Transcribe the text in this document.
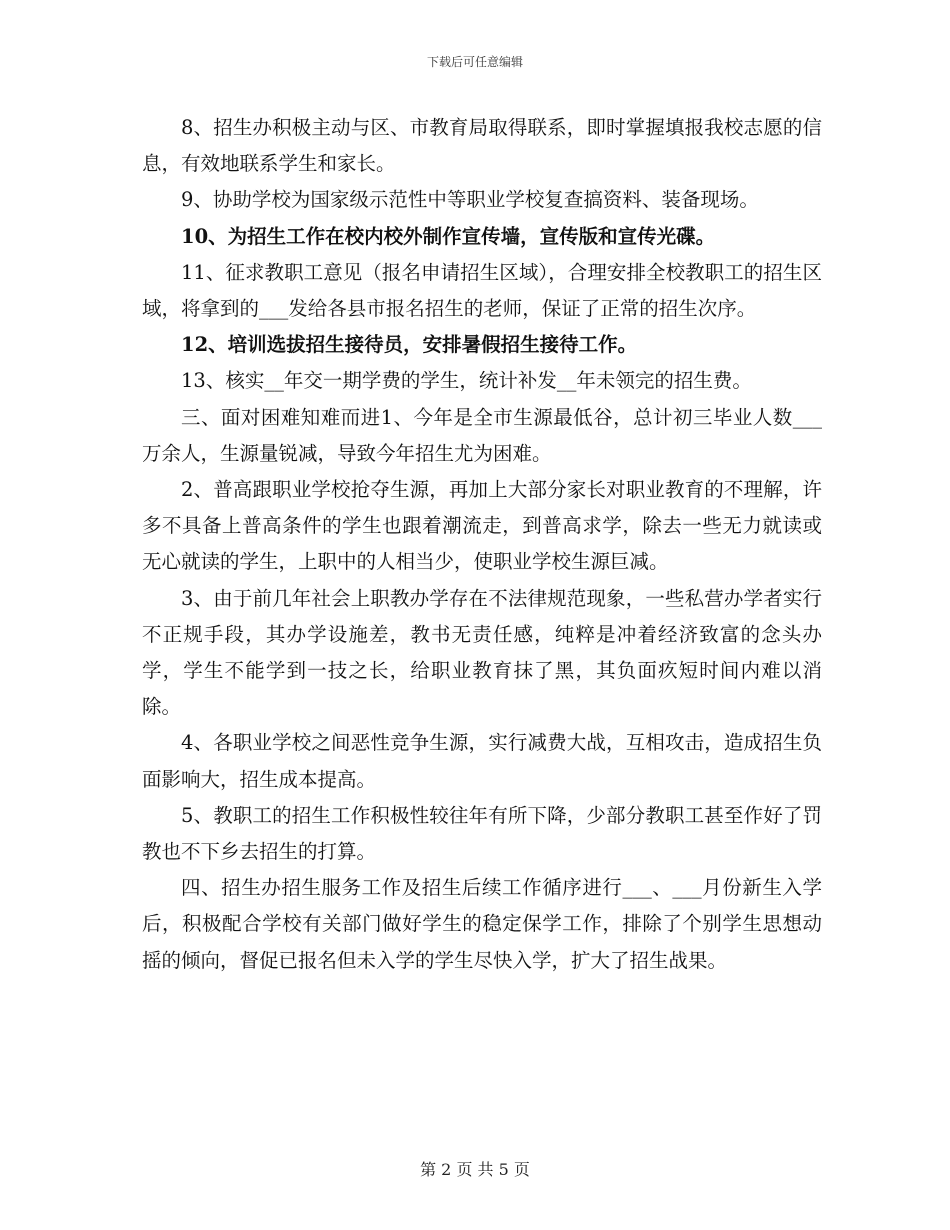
下载后可任意编辑

8、招生办积极主动与区、市教育局取得联系，即时掌握填报我校志愿的信息，有效地联系学生和家长。

9、协助学校为国家级示范性中等职业学校复查搞资料、装备现场。

10、为招生工作在校内校外制作宣传墙，宣传版和宣传光碟。

11、征求教职工意见（报名申请招生区域），合理安排全校教职工的招生区域，将拿到的___发给各县市报名招生的老师，保证了正常的招生次序。

12、培训选拔招生接待员，安排暑假招生接待工作。

13、核实__年交一期学费的学生，统计补发__年未领完的招生费。

三、面对困难知难而进1、今年是全市生源最低谷，总计初三毕业人数___万余人，生源量锐减，导致今年招生尤为困难。

2、普高跟职业学校抢夺生源，再加上大部分家长对职业教育的不理解，许多不具备上普高条件的学生也跟着潮流走，到普高求学，除去一些无力就读或无心就读的学生，上职中的人相当少，使职业学校生源巨减。

3、由于前几年社会上职教办学存在不法律规范现象，一些私营办学者实行不正规手段，其办学设施差，教书无责任感，纯粹是冲着经济致富的念头办学，学生不能学到一技之长，给职业教育抹了黑，其负面疚短时间内难以消除。

4、各职业学校之间恶性竞争生源，实行减费大战，互相攻击，造成招生负面影响大，招生成本提高。

5、教职工的招生工作积极性较往年有所下降，少部分教职工甚至作好了罚教也不下乡去招生的打算。

四、招生办招生服务工作及招生后续工作循序进行___、___月份新生入学后，积极配合学校有关部门做好学生的稳定保学工作，排除了个别学生思想动摇的倾向，督促已报名但未入学的学生尽快入学，扩大了招生战果。

第 2 页 共 5 页
